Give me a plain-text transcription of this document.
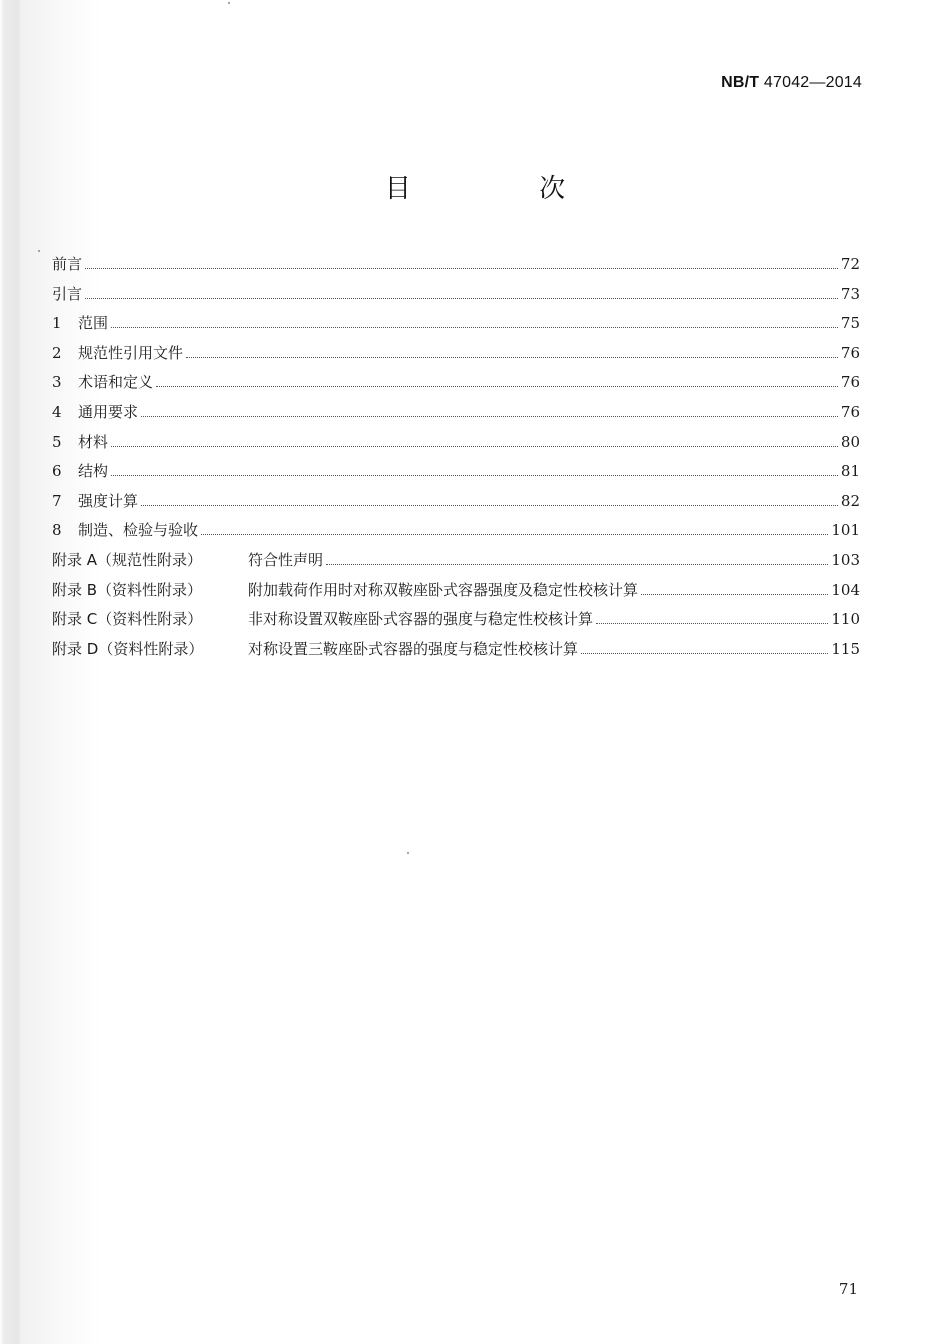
NB/T 47042—2014
目 次
前言	72
引言	73
1	范围	75
2	规范性引用文件	76
3	术语和定义	76
4	通用要求	76
5	材料	80
6	结构	81
7	强度计算	82
8	制造、检验与验收	101
附录 A（规范性附录）	符合性声明	103
附录 B（资料性附录）	附加载荷作用时对称双鞍座卧式容器强度及稳定性校核计算	104
附录 C（资料性附录）	非对称设置双鞍座卧式容器的强度与稳定性校核计算	110
附录 D（资料性附录）	对称设置三鞍座卧式容器的强度与稳定性校核计算	115
71
